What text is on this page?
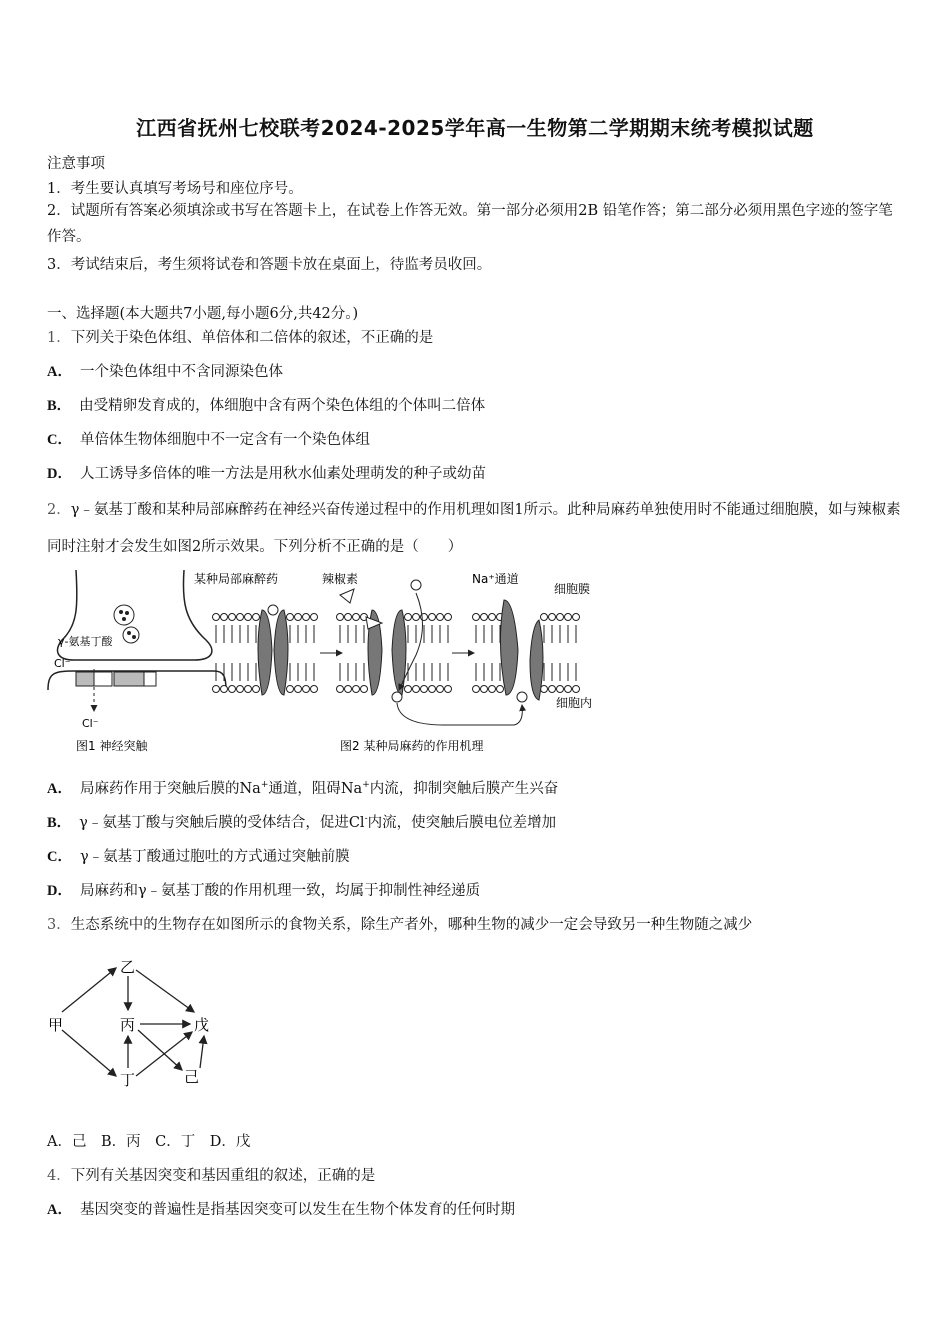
江西省抚州七校联考2024-2025学年高一生物第二学期期末统考模拟试题
注意事项
1．考生要认真填写考场号和座位序号。
2．试题所有答案必须填涂或书写在答题卡上，在试卷上作答无效。第一部分必须用2B 铅笔作答；第二部分必须用黑色字迹的签字笔作答。
3．考试结束后，考生须将试卷和答题卡放在桌面上，待监考员收回。
一、选择题(本大题共7小题,每小题6分,共42分。)
1．下列关于染色体组、单倍体和二倍体的叙述，不正确的是
A． 一个染色体组中不含同源染色体
B． 由受精卵发育成的，体细胞中含有两个染色体组的个体叫二倍体
C． 单倍体生物体细胞中不一定含有一个染色体组
D． 人工诱导多倍体的唯一方法是用秋水仙素处理萌发的种子或幼苗
2．γ﹣氨基丁酸和某种局部麻醉药在神经兴奋传递过程中的作用机理如图1所示。此种局麻药单独使用时不能通过细胞膜，如与辣椒素同时注射才会发生如图2所示效果。下列分析不正确的是（　　）
γ-氨基丁酸
Cl⁻
Cl⁻
图1 神经突触
某种局部麻醉药	辣椒素	Na⁺通道
细胞膜
细胞内
图2 某种局麻药的作用机理
A． 局麻药作用于突触后膜的Na+通道，阻碍Na+内流，抑制突触后膜产生兴奋
B． γ﹣氨基丁酸与突触后膜的受体结合，促进Cl-内流，使突触后膜电位差增加
C． γ﹣氨基丁酸通过胞吐的方式通过突触前膜
D． 局麻药和γ﹣氨基丁酸的作用机理一致，均属于抑制性神经递质
3．生态系统中的生物存在如图所示的食物关系，除生产者外，哪种生物的减少一定会导致另一种生物随之减少
乙
甲	丙	戊
丁	己
A．己　B．丙　C．丁　D．戊
4．下列有关基因突变和基因重组的叙述，正确的是
A． 基因突变的普遍性是指基因突变可以发生在生物个体发育的任何时期
